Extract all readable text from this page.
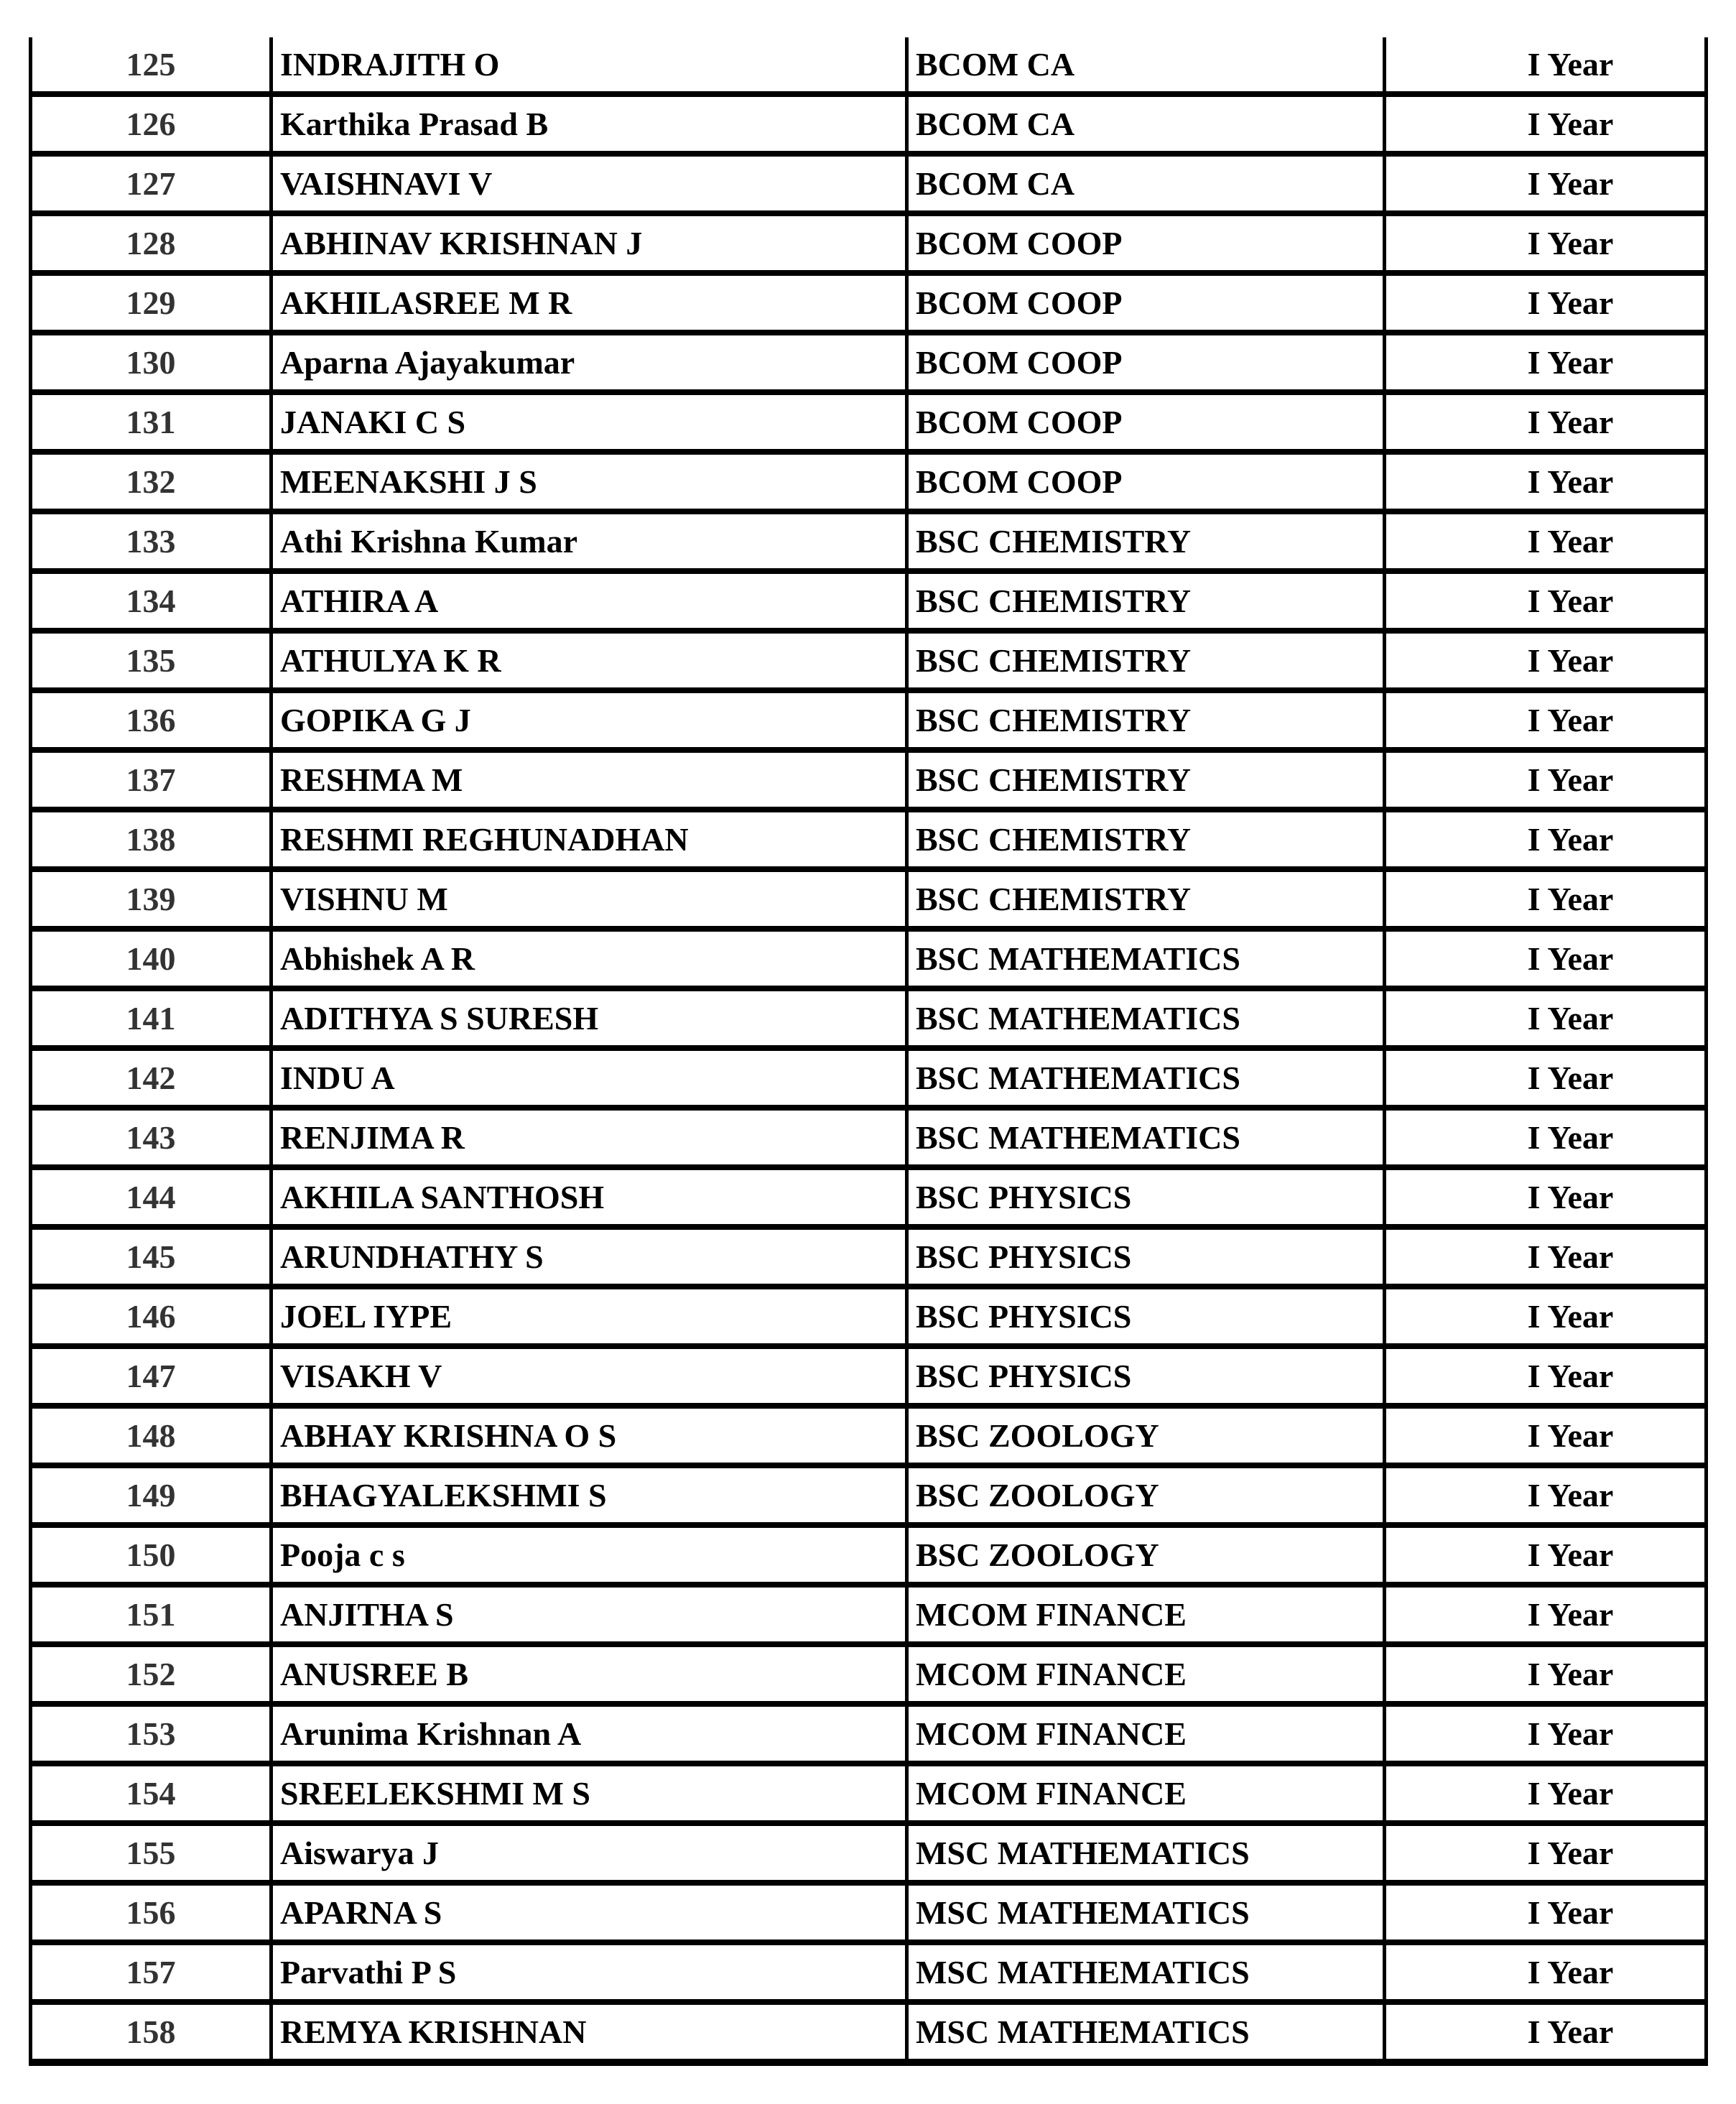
125	INDRAJITH O	BCOM CA	I Year
126	Karthika Prasad B	BCOM CA	I Year
127	VAISHNAVI V	BCOM CA	I Year
128	ABHINAV KRISHNAN J	BCOM COOP	I Year
129	AKHILASREE M R	BCOM COOP	I Year
130	Aparna Ajayakumar	BCOM COOP	I Year
131	JANAKI C S	BCOM COOP	I Year
132	MEENAKSHI J S	BCOM COOP	I Year
133	Athi Krishna Kumar	BSC CHEMISTRY	I Year
134	ATHIRA A	BSC CHEMISTRY	I Year
135	ATHULYA K R	BSC CHEMISTRY	I Year
136	GOPIKA G J	BSC CHEMISTRY	I Year
137	RESHMA M	BSC CHEMISTRY	I Year
138	RESHMI REGHUNADHAN	BSC CHEMISTRY	I Year
139	VISHNU M	BSC CHEMISTRY	I Year
140	Abhishek A R	BSC MATHEMATICS	I Year
141	ADITHYA S SURESH	BSC MATHEMATICS	I Year
142	INDU A	BSC MATHEMATICS	I Year
143	RENJIMA R	BSC MATHEMATICS	I Year
144	AKHILA SANTHOSH	BSC PHYSICS	I Year
145	ARUNDHATHY S	BSC PHYSICS	I Year
146	JOEL IYPE	BSC PHYSICS	I Year
147	VISAKH V	BSC PHYSICS	I Year
148	ABHAY KRISHNA O S	BSC ZOOLOGY	I Year
149	BHAGYALEKSHMI S	BSC ZOOLOGY	I Year
150	Pooja c s	BSC ZOOLOGY	I Year
151	ANJITHA S	MCOM FINANCE	I Year
152	ANUSREE B	MCOM FINANCE	I Year
153	Arunima Krishnan A	MCOM FINANCE	I Year
154	SREELEKSHMI M S	MCOM FINANCE	I Year
155	Aiswarya J	MSC MATHEMATICS	I Year
156	APARNA S	MSC MATHEMATICS	I Year
157	Parvathi P S	MSC MATHEMATICS	I Year
158	REMYA KRISHNAN	MSC MATHEMATICS	I Year
